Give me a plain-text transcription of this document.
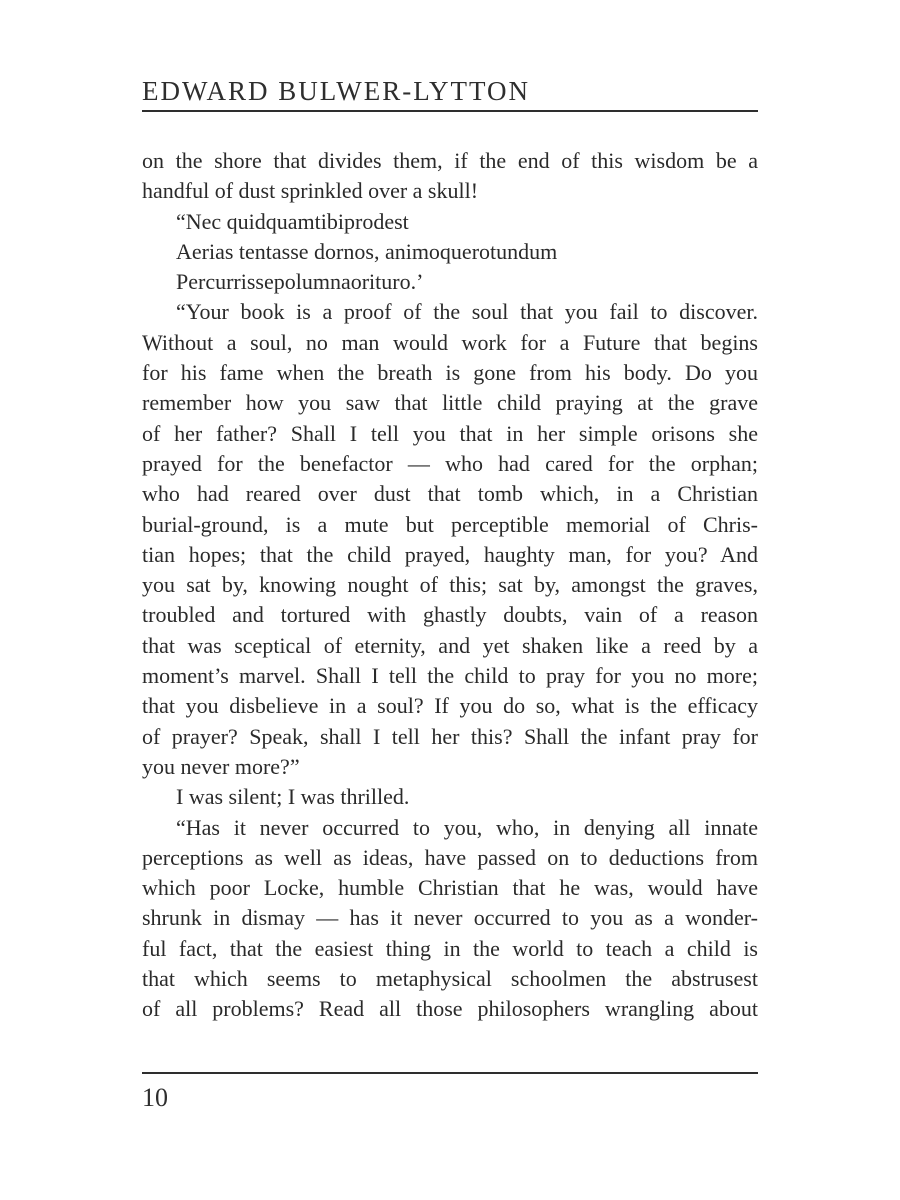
EDWARD BULWER-LYTTON
on the shore that divides them, if the end of this wisdom be a
handful of dust sprinkled over a skull!
“Nec quidquamtibiprodest
Aerias tentasse dornos, animoquerotundum
Percurrissepolumnaorituro.’
“Your book is a proof of the soul that you fail to discover.
Without a soul, no man would work for a Future that begins
for his fame when the breath is gone from his body. Do you
remember how you saw that little child praying at the grave
of her father? Shall I tell you that in her simple orisons she
prayed for the benefactor — who had cared for the orphan;
who had reared over dust that tomb which, in a Christian
burial-ground, is a mute but perceptible memorial of Chris-
tian hopes; that the child prayed, haughty man, for you? And
you sat by, knowing nought of this; sat by, amongst the graves,
troubled and tortured with ghastly doubts, vain of a reason
that was sceptical of eternity, and yet shaken like a reed by a
moment’s marvel. Shall I tell the child to pray for you no more;
that you disbelieve in a soul? If you do so, what is the efficacy
of prayer? Speak, shall I tell her this? Shall the infant pray for
you never more?”
I was silent; I was thrilled.
“Has it never occurred to you, who, in denying all innate
perceptions as well as ideas, have passed on to deductions from
which poor Locke, humble Christian that he was, would have
shrunk in dismay — has it never occurred to you as a wonder-
ful fact, that the easiest thing in the world to teach a child is
that which seems to metaphysical schoolmen the abstrusest
of all problems? Read all those philosophers wrangling about
10
